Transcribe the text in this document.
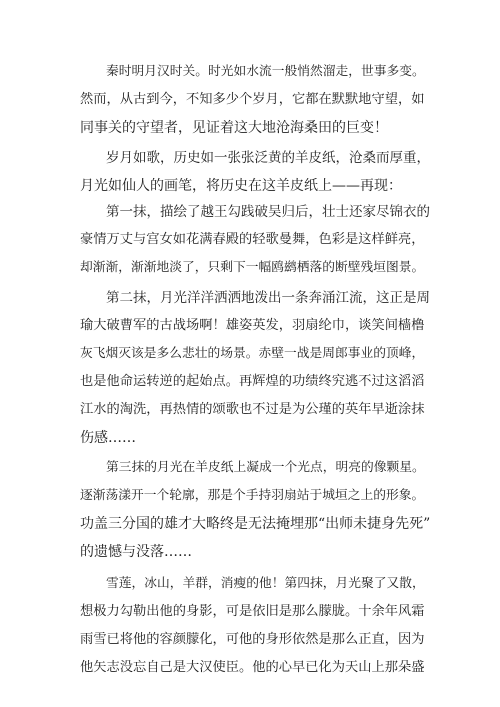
秦时明月汉时关。时光如水流一般悄然溜走，世事多变。
然而，从古到今，不知多少个岁月，它都在默默地守望，如
同事关的守望者，见证着这大地沧海桑田的巨变！
岁月如歌，历史如一张张泛黄的羊皮纸，沧桑而厚重，
月光如仙人的画笔，将历史在这羊皮纸上——再现：
第一抹，描绘了越王勾践破吴归后，壮士还家尽锦衣的
豪情万丈与宫女如花满春殿的轻歌曼舞，色彩是这样鲜亮，
却渐渐，渐渐地淡了，只剩下一幅鸥鹚栖落的断壁残垣图景。
第二抹，月光洋洋洒洒地泼出一条奔涌江流，这正是周
瑜大破曹军的古战场啊！雄姿英发，羽扇纶巾，谈笑间樯橹
灰飞烟灭该是多么悲壮的场景。赤壁一战是周郎事业的顶峰，
也是他命运转逆的起始点。再辉煌的功绩终究逃不过这滔滔
江水的淘洗，再热情的颂歌也不过是为公瑾的英年早逝涂抹
伤感……
第三抹的月光在羊皮纸上凝成一个光点，明亮的像颗星。
逐渐荡漾开一个轮廓，那是个手持羽扇站于城垣之上的形象。
功盖三分国的雄才大略终是无法掩埋那“出师未捷身先死”
的遗憾与没落……
雪莲，冰山，羊群，消瘦的他！第四抹，月光聚了又散，
想极力勾勒出他的身影，可是依旧是那么朦胧。十余年风霜
雨雪已将他的容颜朦化，可他的身形依然是那么正直，因为
他矢志没忘自己是大汉使臣。他的心早已化为天山上那朵盛
